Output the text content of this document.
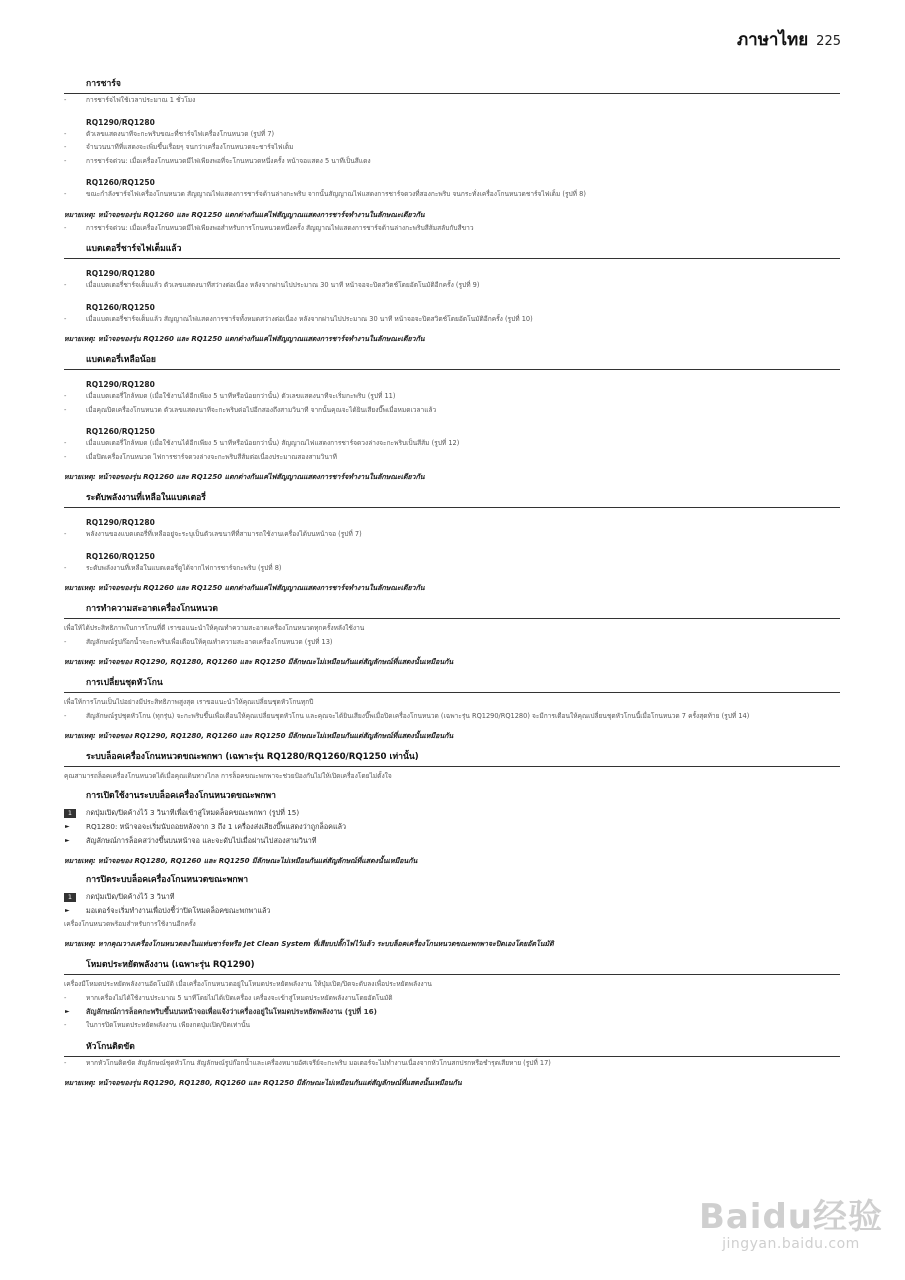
ภาษาไทย 225
การชาร์จ
- การชาร์จไฟใช้เวลาประมาณ 1 ชั่วโมง
RQ1290/RQ1280
- ตัวเลขแสดงนาทีจะกะพริบขณะที่ชาร์จไฟเครื่องโกนหนวด (รูปที่ 7)
- จำนวนนาทีที่แสดงจะเพิ่มขึ้นเรื่อยๆ จนกว่าเครื่องโกนหนวดจะชาร์จไฟเต็ม
- การชาร์จด่วน: เมื่อเครื่องโกนหนวดมีไฟเพียงพอที่จะโกนหนวดหนึ่งครั้ง หน้าจอแสดง 5 นาทีเป็นสีแดง
RQ1260/RQ1250
- ขณะกำลังชาร์จไฟเครื่องโกนหนวด สัญญาณไฟแสดงการชาร์จด้านล่างกะพริบ จากนั้นสัญญาณไฟแสดงการชาร์จดวงที่สองกะพริบ จนกระทั่งเครื่องโกนหนวดชาร์จไฟเต็ม (รูปที่ 8)
หมายเหตุ: หน้าจอของรุ่น RQ1260 และ RQ1250 แตกต่างกันแค่ไฟสัญญาณแสดงการชาร์จทำงานในลักษณะเดียวกัน
- การชาร์จด่วน: เมื่อเครื่องโกนหนวดมีไฟเพียงพอสำหรับการโกนหนวดหนึ่งครั้ง สัญญาณไฟแสดงการชาร์จด้านล่างกะพริบสีส้มสลับกับสีขาว
แบตเตอรี่ชาร์จไฟเต็มแล้ว
RQ1290/RQ1280
- เมื่อแบตเตอรี่ชาร์จเต็มแล้ว ตัวเลขแสดงนาทีสว่างต่อเนื่อง หลังจากผ่านไปประมาณ 30 นาที หน้าจอจะปิดสวิตช์โดยอัตโนมัติอีกครั้ง (รูปที่ 9)
RQ1260/RQ1250
- เมื่อแบตเตอรี่ชาร์จเต็มแล้ว สัญญาณไฟแสดงการชาร์จทั้งหมดสว่างต่อเนื่อง หลังจากผ่านไปประมาณ 30 นาที หน้าจอจะปิดสวิตช์โดยอัตโนมัติอีกครั้ง (รูปที่ 10)
หมายเหตุ: หน้าจอของรุ่น RQ1260 และ RQ1250 แตกต่างกันแค่ไฟสัญญาณแสดงการชาร์จทำงานในลักษณะเดียวกัน
แบตเตอรี่เหลือน้อย
RQ1290/RQ1280
- เมื่อแบตเตอรี่ใกล้หมด (เมื่อใช้งานได้อีกเพียง 5 นาทีหรือน้อยกว่านั้น) ตัวเลขแสดงนาทีจะเริ่มกะพริบ (รูปที่ 11)
- เมื่อคุณปิดเครื่องโกนหนวด ตัวเลขแสดงนาทีจะกะพริบต่อไปอีกสองถึงสามวินาที จากนั้นคุณจะได้ยินเสียงบี๊พเมื่อหมดเวลาแล้ว
RQ1260/RQ1250
- เมื่อแบตเตอรี่ใกล้หมด (เมื่อใช้งานได้อีกเพียง 5 นาทีหรือน้อยกว่านั้น) สัญญาณไฟแสดงการชาร์จดวงล่างจะกะพริบเป็นสีส้ม (รูปที่ 12)
- เมื่อปิดเครื่องโกนหนวด ไฟการชาร์จดวงล่างจะกะพริบสีส้มต่อเนื่องประมาณสองสามวินาที
หมายเหตุ: หน้าจอของรุ่น RQ1260 และ RQ1250 แตกต่างกันแค่ไฟสัญญาณแสดงการชาร์จทำงานในลักษณะเดียวกัน
ระดับพลังงานที่เหลือในแบตเตอรี่
RQ1290/RQ1280
- พลังงานของแบตเตอรี่ที่เหลืออยู่จะระบุเป็นตัวเลขนาทีที่สามารถใช้งานเครื่องได้บนหน้าจอ (รูปที่ 7)
RQ1260/RQ1250
- ระดับพลังงานที่เหลือในแบตเตอรี่ดูได้จากไฟการชาร์จกะพริบ (รูปที่ 8)
หมายเหตุ: หน้าจอของรุ่น RQ1260 และ RQ1250 แตกต่างกันแค่ไฟสัญญาณแสดงการชาร์จทำงานในลักษณะเดียวกัน
การทำความสะอาดเครื่องโกนหนวด
เพื่อให้ได้ประสิทธิภาพในการโกนที่ดี เราขอแนะนำให้คุณทำความสะอาดเครื่องโกนหนวดทุกครั้งหลังใช้งาน
- สัญลักษณ์รูปก๊อกน้ำจะกะพริบเพื่อเตือนให้คุณทำความสะอาดเครื่องโกนหนวด (รูปที่ 13)
หมายเหตุ: หน้าจอของ RQ1290, RQ1280, RQ1260 และ RQ1250 มีลักษณะไม่เหมือนกันแต่สัญลักษณ์ที่แสดงนั้นเหมือนกัน
การเปลี่ยนชุดหัวโกน
เพื่อให้การโกนเป็นไปอย่างมีประสิทธิภาพสูงสุด เราขอแนะนำให้คุณเปลี่ยนชุดหัวโกนทุกปี
- สัญลักษณ์รูปชุดหัวโกน (ทุกรุ่น) จะกะพริบขึ้นเพื่อเตือนให้คุณเปลี่ยนชุดหัวโกน และคุณจะได้ยินเสียงบี๊พเมื่อปิดเครื่องโกนหนวด (เฉพาะรุ่น RQ1290/RQ1280) จะมีการเตือนให้คุณเปลี่ยนชุดหัวโกนนี้เมื่อโกนหนวด 7 ครั้งสุดท้าย (รูปที่ 14)
หมายเหตุ: หน้าจอของ RQ1290, RQ1280, RQ1260 และ RQ1250 มีลักษณะไม่เหมือนกันแต่สัญลักษณ์ที่แสดงนั้นเหมือนกัน
ระบบล็อคเครื่องโกนหนวดขณะพกพา (เฉพาะรุ่น RQ1280/RQ1260/RQ1250 เท่านั้น)
คุณสามารถล็อคเครื่องโกนหนวดได้เมื่อคุณเดินทางไกล การล็อคขณะพกพาจะช่วยป้องกันไม่ให้เปิดเครื่องโดยไม่ตั้งใจ
การเปิดใช้งานระบบล็อคเครื่องโกนหนวดขณะพกพา
1	กดปุ่มเปิด/ปิดค้างไว้ 3 วินาทีเพื่อเข้าสู่โหมดล็อคขณะพกพา (รูปที่ 15)
► RQ1280: หน้าจอจะเริ่มนับถอยหลังจาก 3 ถึง 1 เครื่องส่งเสียงบี๊พแสดงว่าถูกล็อคแล้ว
► สัญลักษณ์การล็อคสว่างขึ้นบนหน้าจอ และจะดับไปเมื่อผ่านไปสองสามวินาที
หมายเหตุ: หน้าจอของ RQ1280, RQ1260 และ RQ1250 มีลักษณะไม่เหมือนกันแต่สัญลักษณ์ที่แสดงนั้นเหมือนกัน
การปิดระบบล็อคเครื่องโกนหนวดขณะพกพา
1	กดปุ่มเปิด/ปิดค้างไว้ 3 วินาที
► มอเตอร์จะเริ่มทำงานเพื่อบ่งชี้ว่าปิดโหมดล็อคขณะพกพาแล้ว
เครื่องโกนหนวดพร้อมสำหรับการใช้งานอีกครั้ง
หมายเหตุ: หากคุณวางเครื่องโกนหนวดลงในแท่นชาร์จหรือ Jet Clean System ที่เสียบปลั๊กไฟไว้แล้ว ระบบล็อคเครื่องโกนหนวดขณะพกพาจะปิดเองโดยอัตโนมัติ
โหมดประหยัดพลังงาน (เฉพาะรุ่น RQ1290)
เครื่องมีโหมดประหยัดพลังงานอัตโนมัติ เมื่อเครื่องโกนหนวดอยู่ในโหมดประหยัดพลังงาน ให้ปุ่มเปิด/ปิดจะดับลงเพื่อประหยัดพลังงาน
- หากเครื่องไม่ได้ใช้งานประมาณ 5 นาทีโดยไม่ได้เปิดเครื่อง เครื่องจะเข้าสู่โหมดประหยัดพลังงานโดยอัตโนมัติ
► สัญลักษณ์การล็อคกะพริบขึ้นบนหน้าจอเพื่อแจ้งว่าเครื่องอยู่ในโหมดประหยัดพลังงาน (รูปที่ 16)
- ในการปิดโหมดประหยัดพลังงาน เพียงกดปุ่มเปิด/ปิดเท่านั้น
หัวโกนติดขัด
- หากหัวโกนติดขัด สัญลักษณ์ชุดหัวโกน สัญลักษณ์รูปก๊อกน้ำและเครื่องหมายอัศเจรีย์จะกะพริบ มอเตอร์จะไม่ทำงานเนื่องจากหัวโกนสกปรกหรือชำรุดเสียหาย (รูปที่ 17)
หมายเหตุ: หน้าจอของรุ่น RQ1290, RQ1280, RQ1260 และ RQ1250 มีลักษณะไม่เหมือนกันแต่สัญลักษณ์ที่แสดงนั้นเหมือนกัน
Baidu经验
jingyan.baidu.com
